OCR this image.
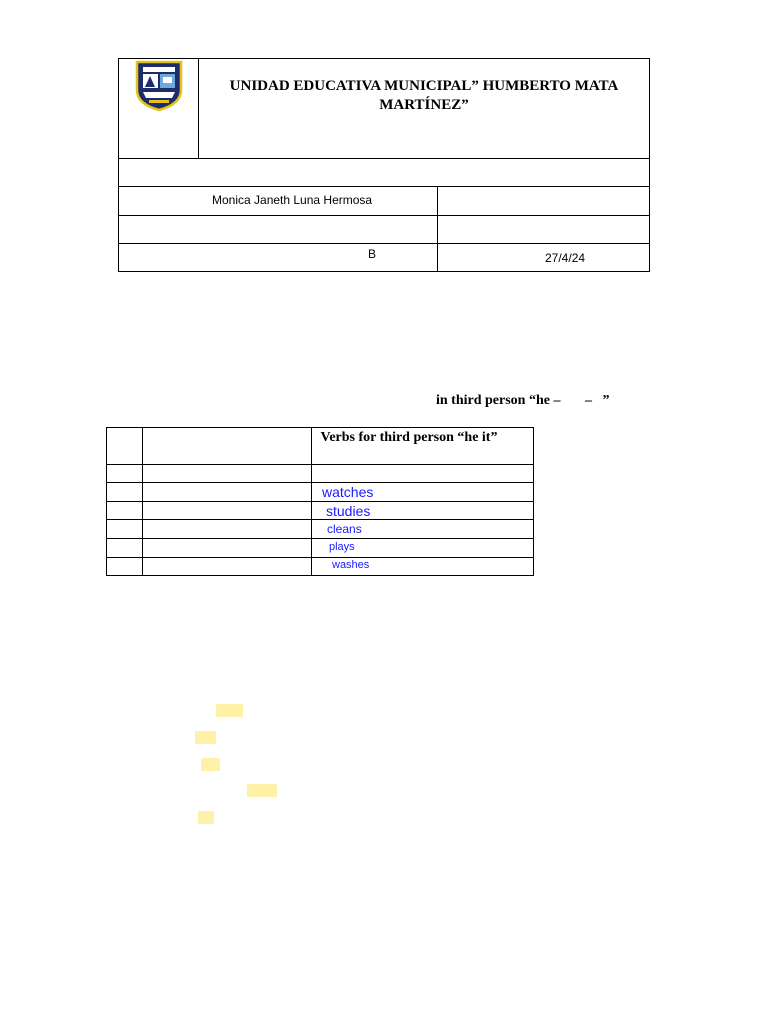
UNIDAD EDUCATIVA MUNICIPAL” HUMBERTO MATA MARTÍNEZ”
Monica Janeth Luna Hermosa
B	27/4/24
in third person “he –       –   ”
Verbs for third person “he it”
watches
studies
cleans
plays
washes
